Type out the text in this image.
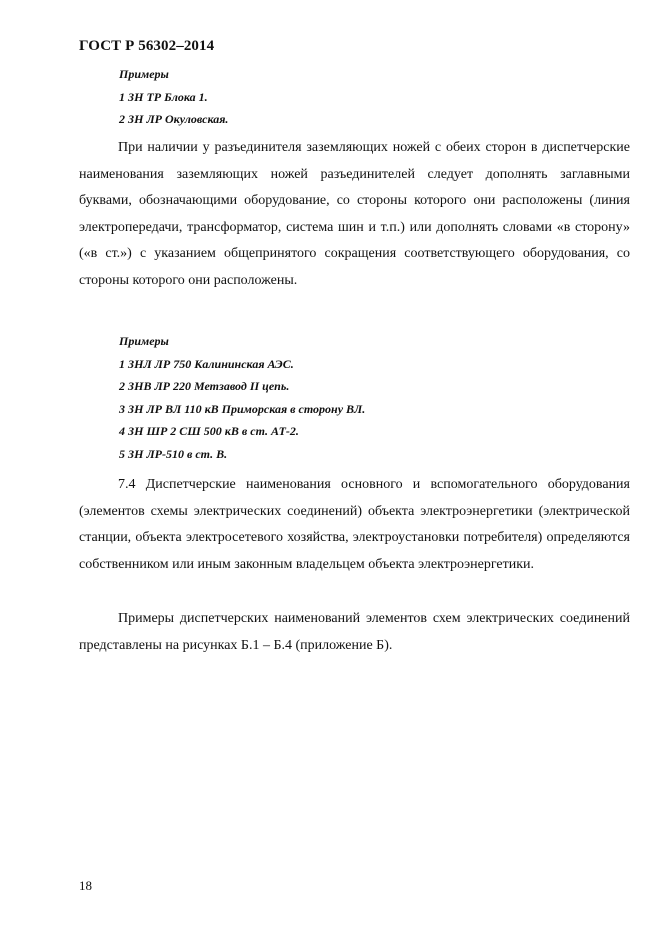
ГОСТ Р 56302–2014
Примеры
1 ЗН ТР Блока 1.
2 ЗН ЛР Окуловская.

При наличии у разъединителя заземляющих ножей с обеих сторон в диспетчерские наименования заземляющих ножей разъединителей следует дополнять заглавными буквами, обозначающими оборудование, со стороны которого они расположены (линия электропередачи, трансформатор, система шин и т.п.) или дополнять словами «в сторону» («в ст.») с указанием общепринятого сокращения соответствующего оборудования, со стороны которого они расположены.

Примеры
1 ЗНЛ ЛР 750 Калининская АЭС.
2 ЗНВ ЛР 220 Метзавод II цепь.
3 ЗН ЛР ВЛ 110 кВ Приморская в сторону ВЛ.
4 ЗН ШР 2 СШ 500 кВ в ст. АТ-2.
5 ЗН ЛР-510 в ст. В.

7.4 Диспетчерские наименования основного и вспомогательного оборудования (элементов схемы электрических соединений) объекта электроэнергетики (электрической станции, объекта электросетевого хозяйства, электроустановки потребителя) определяются собственником или иным законным владельцем объекта электроэнергетики.

Примеры диспетчерских наименований элементов схем электрических соединений представлены на рисунках Б.1 – Б.4 (приложение Б).

18
